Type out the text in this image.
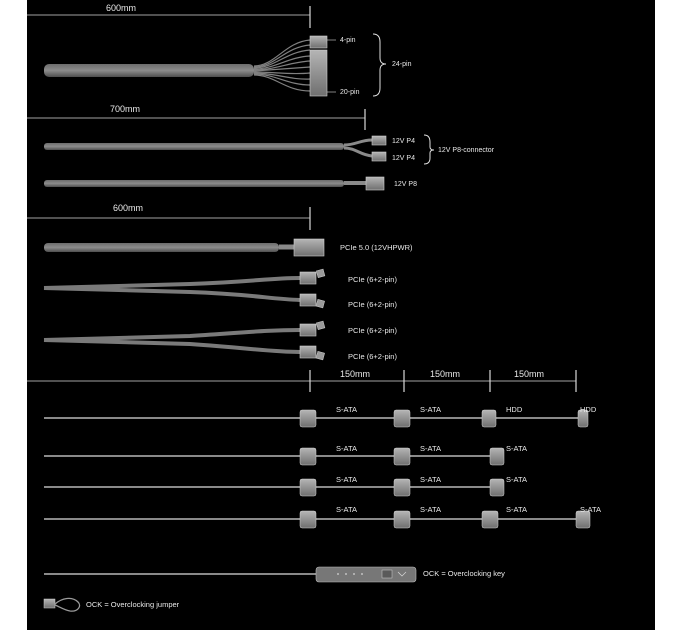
600mm
4-pin
20-pin
24-pin
700mm
12V P4
12V P4
12V P8-connector
12V P8
600mm
PCIe 5.0 (12VHPWR)
PCIe (6+2-pin)
PCIe (6+2-pin)
PCIe (6+2-pin)
PCIe (6+2-pin)
150mm	150mm	150mm
S-ATA	S-ATA	HDD	HDD
S-ATA	S-ATA	S-ATA
S-ATA	S-ATA	S-ATA
S-ATA	S-ATA	S-ATA	S-ATA
OCK = Overclocking key
OCK = Overclocking jumper
